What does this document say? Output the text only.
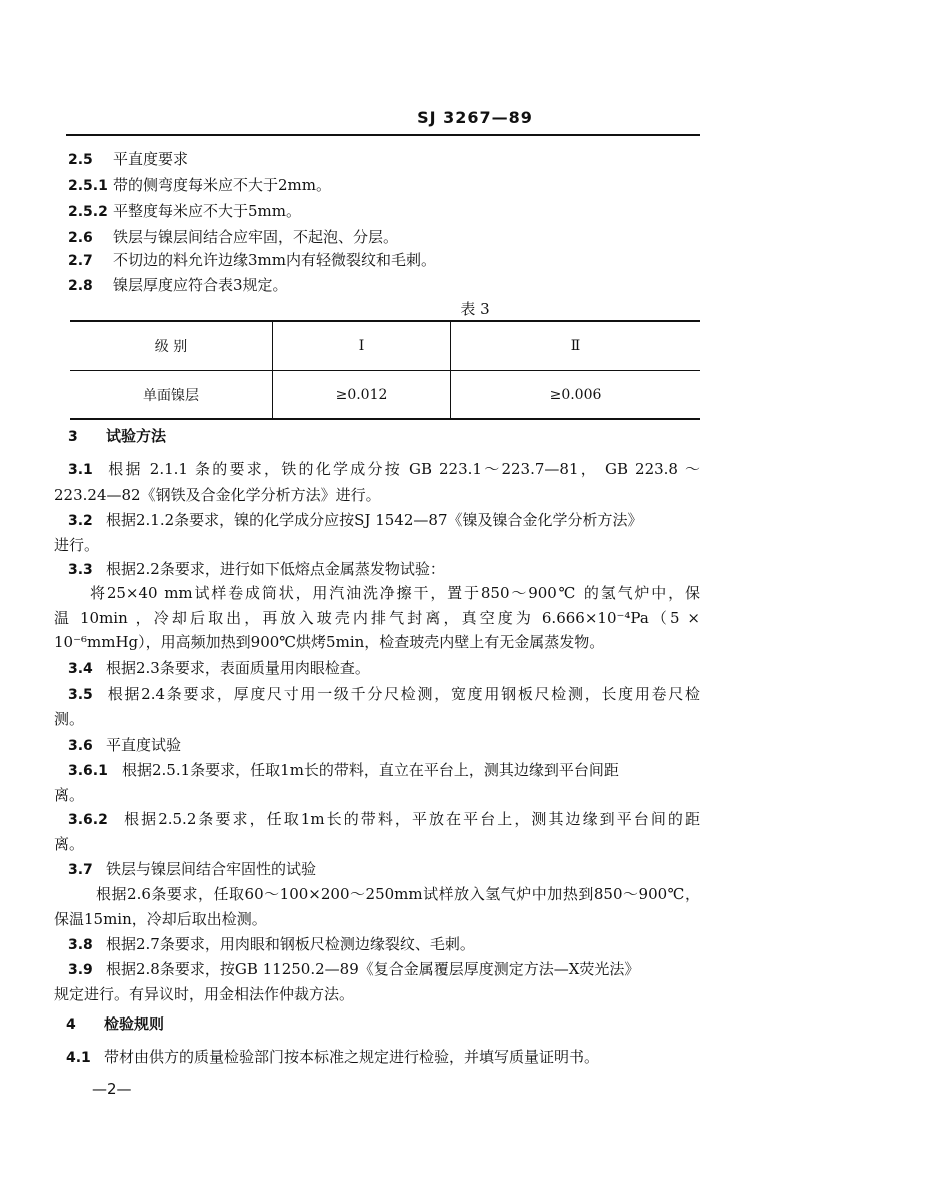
SJ 3267—89
2.5 平直度要求
2.5.1 带的侧弯度每米应不大于2mm。
2.5.2 平整度每米应不大于5mm。
2.6 铁层与镍层间结合应牢固，不起泡、分层。
2.7 不切边的料允许边缘3mm内有轻微裂纹和毛刺。
2.8 镍层厚度应符合表3规定。
表 3
级 别	I	Ⅱ
单面镍层	≥0.012	≥0.006
3 试验方法
3.1 根据 2.1.1 条的要求，铁的化学成分按 GB 223.1～223.7—81， GB 223.8 ～
223.24—82《钢铁及合金化学分析方法》进行。
3.2 根据2.1.2条要求，镍的化学成分应按SJ 1542—87《镍及镍合金化学分析方法》
进行。
3.3 根据2.2条要求，进行如下低熔点金属蒸发物试验：
将25×40 mm试样卷成筒状，用汽油洗净擦干，置于850～900℃ 的氢气炉中，保
温 10min ，冷却后取出，再放入玻壳内排气封离，真空度为 6.666×10⁻⁴Pa（5 ×
10⁻⁶mmHg），用高频加热到900℃烘烤5min，检查玻壳内壁上有无金属蒸发物。
3.4 根据2.3条要求，表面质量用肉眼检查。
3.5 根据2.4条要求，厚度尺寸用一级千分尺检测，宽度用钢板尺检测，长度用卷尺检
测。
3.6 平直度试验
3.6.1 根据2.5.1条要求，任取1m长的带料，直立在平台上，测其边缘到平台间距
离。
3.6.2 根据2.5.2条要求，任取1m长的带料，平放在平台上，测其边缘到平台间的距
离。
3.7 铁层与镍层间结合牢固性的试验
根据2.6条要求，任取60～100×200～250mm试样放入氢气炉中加热到850～900℃，
保温15min，冷却后取出检测。
3.8 根据2.7条要求，用肉眼和钢板尺检测边缘裂纹、毛刺。
3.9 根据2.8条要求，按GB 11250.2—89《复合金属覆层厚度测定方法—X荧光法》
规定进行。有异议时，用金相法作仲裁方法。
4 检验规则
4.1 带材由供方的质量检验部门按本标准之规定进行检验，并填写质量证明书。
—2—
